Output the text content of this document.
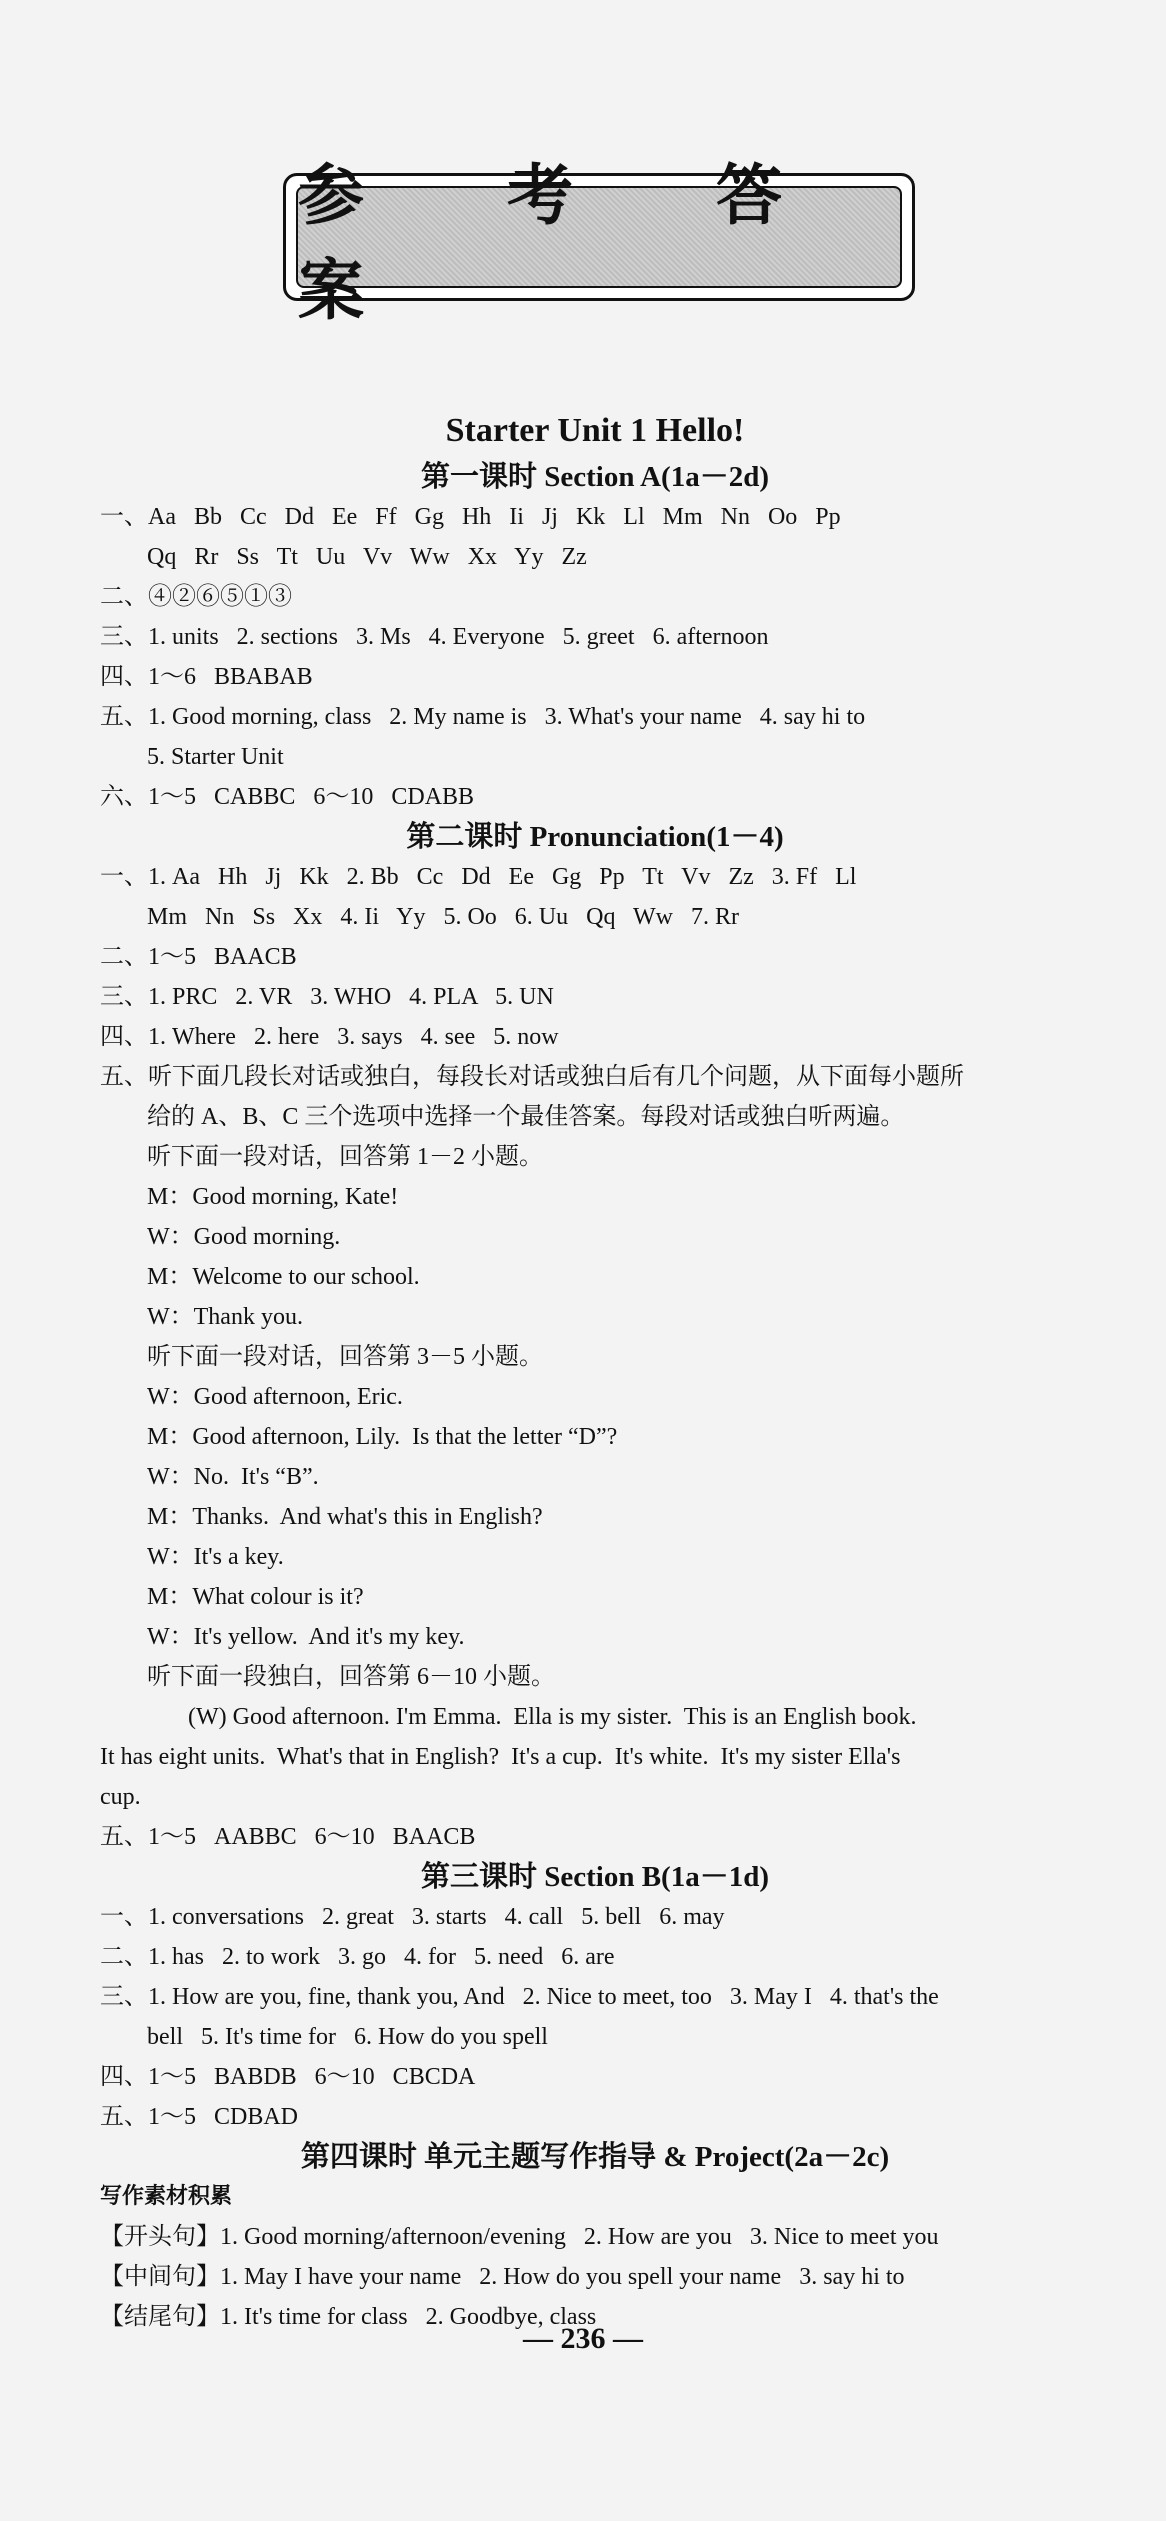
参 考 答 案
Starter Unit 1 Hello!
第一课时 Section A(1a－2d)
一、Aa   Bb   Cc   Dd   Ee   Ff   Gg   Hh   Ii   Jj   Kk   Ll   Mm   Nn   Oo   Pp
Qq   Rr   Ss   Tt   Uu   Vv   Ww   Xx   Yy   Zz
二、④②⑥⑤①③
三、1. units   2. sections   3. Ms   4. Everyone   5. greet   6. afternoon
四、1～6   BBABAB
五、1. Good morning, class   2. My name is   3. What's your name   4. say hi to
5. Starter Unit
六、1～5   CABBC   6～10   CDABB
第二课时 Pronunciation(1－4)
一、1. Aa   Hh   Jj   Kk   2. Bb   Cc   Dd   Ee   Gg   Pp   Tt   Vv   Zz   3. Ff   Ll
Mm   Nn   Ss   Xx   4. Ii   Yy   5. Oo   6. Uu   Qq   Ww   7. Rr
二、1～5   BAACB
三、1. PRC   2. VR   3. WHO   4. PLA   5. UN
四、1. Where   2. here   3. says   4. see   5. now
五、听下面几段长对话或独白，每段长对话或独白后有几个问题，从下面每小题所
给的 A、B、C 三个选项中选择一个最佳答案。每段对话或独白听两遍。
听下面一段对话，回答第 1－2 小题。
M：Good morning, Kate!
W：Good morning.
M：Welcome to our school.
W：Thank you.
听下面一段对话，回答第 3－5 小题。
W：Good afternoon, Eric.
M：Good afternoon, Lily.  Is that the letter “D”?
W：No.  It's “B”.
M：Thanks.  And what's this in English?
W：It's a key.
M：What colour is it?
W：It's yellow.  And it's my key.
听下面一段独白，回答第 6－10 小题。
(W) Good afternoon. I'm Emma.  Ella is my sister.  This is an English book.
It has eight units.  What's that in English?  It's a cup.  It's white.  It's my sister Ella's
cup.
五、1～5   AABBC   6～10   BAACB
第三课时 Section B(1a－1d)
一、1. conversations   2. great   3. starts   4. call   5. bell   6. may
二、1. has   2. to work   3. go   4. for   5. need   6. are
三、1. How are you, fine, thank you, And   2. Nice to meet, too   3. May I   4. that's the
bell   5. It's time for   6. How do you spell
四、1～5   BABDB   6～10   CBCDA
五、1～5   CDBAD
第四课时 单元主题写作指导 & Project(2a－2c)
写作素材积累
【开头句】1. Good morning/afternoon/evening   2. How are you   3. Nice to meet you
【中间句】1. May I have your name   2. How do you spell your name   3. say hi to
【结尾句】1. It's time for class   2. Goodbye, class
— 236 —
